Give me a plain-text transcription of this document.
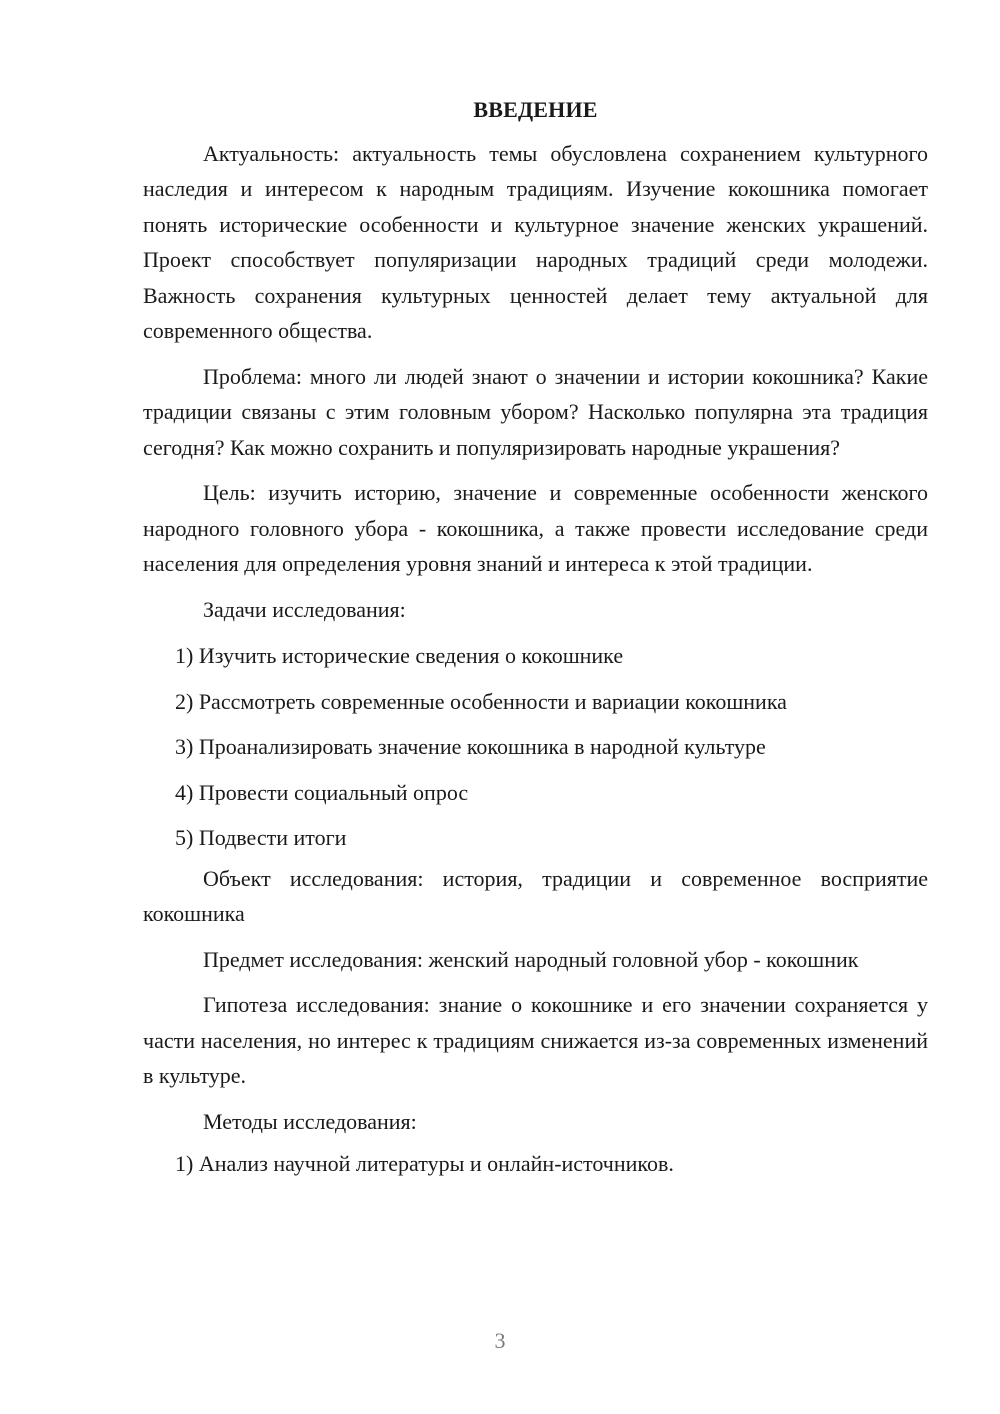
ВВЕДЕНИЕ

Актуальность: актуальность темы обусловлена сохранением культурного наследия и интересом к народным традициям. Изучение кокошника помогает понять исторические особенности и культурное значение женских украшений. Проект способствует популяризации народных традиций среди молодежи. Важность сохранения культурных ценностей делает тему актуальной для современного общества.

Проблема: много ли людей знают о значении и истории кокошника? Какие традиции связаны с этим головным убором? Насколько популярна эта традиция сегодня? Как можно сохранить и популяризировать народные украшения?

Цель: изучить историю, значение и современные особенности женского народного головного убора - кокошника, а также провести исследование среди населения для определения уровня знаний и интереса к этой традиции.

Задачи исследования:

1) Изучить исторические сведения о кокошнике
2) Рассмотреть современные особенности и вариации кокошника
3) Проанализировать значение кокошника в народной культуре
4) Провести социальный опрос
5) Подвести итоги

Объект исследования: история, традиции и современное восприятие кокошника

Предмет исследования: женский народный головной убор - кокошник

Гипотеза исследования: знание о кокошнике и его значении сохраняется у части населения, но интерес к традициям снижается из-за современных изменений в культуре.

Методы исследования:

1) Анализ научной литературы и онлайн-источников.
3
